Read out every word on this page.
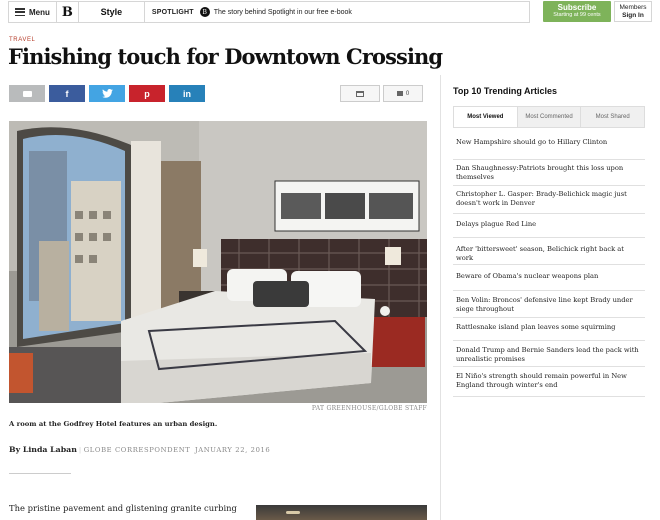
Menu B	Style	SPOTLIGHT	B The story behind Spotlight in our free e-book	Subscribe
Starting at 99 cents
Members
Sign In
TRAVEL
Finishing touch for Downtown Crossing
f	p	in	0
PAT GREENHOUSE/GLOBE STAFF
A room at the Godfrey Hotel features an urban design.
By Linda Laban | GLOBE CORRESPONDENT JANUARY 22, 2016
The pristine pavement and glistening granite curbing
Top 10 Trending Articles
Most Viewed	Most Commented	Most Shared
New Hampshire should go to Hillary Clinton
Dan Shaughnessy:Patriots brought this loss upon themselves
Christopher L. Gasper: Brady-Belichick magic just doesn't work in Denver
Delays plague Red Line
After 'bittersweet' season, Belichick right back at work
Beware of Obama's nuclear weapons plan
Ben Volin: Broncos' defensive line kept Brady under siege throughout
Rattlesnake island plan leaves some squirming
Donald Trump and Bernie Sanders lead the pack with unrealistic promises
El Niño's strength should remain powerful in New England through winter's end
